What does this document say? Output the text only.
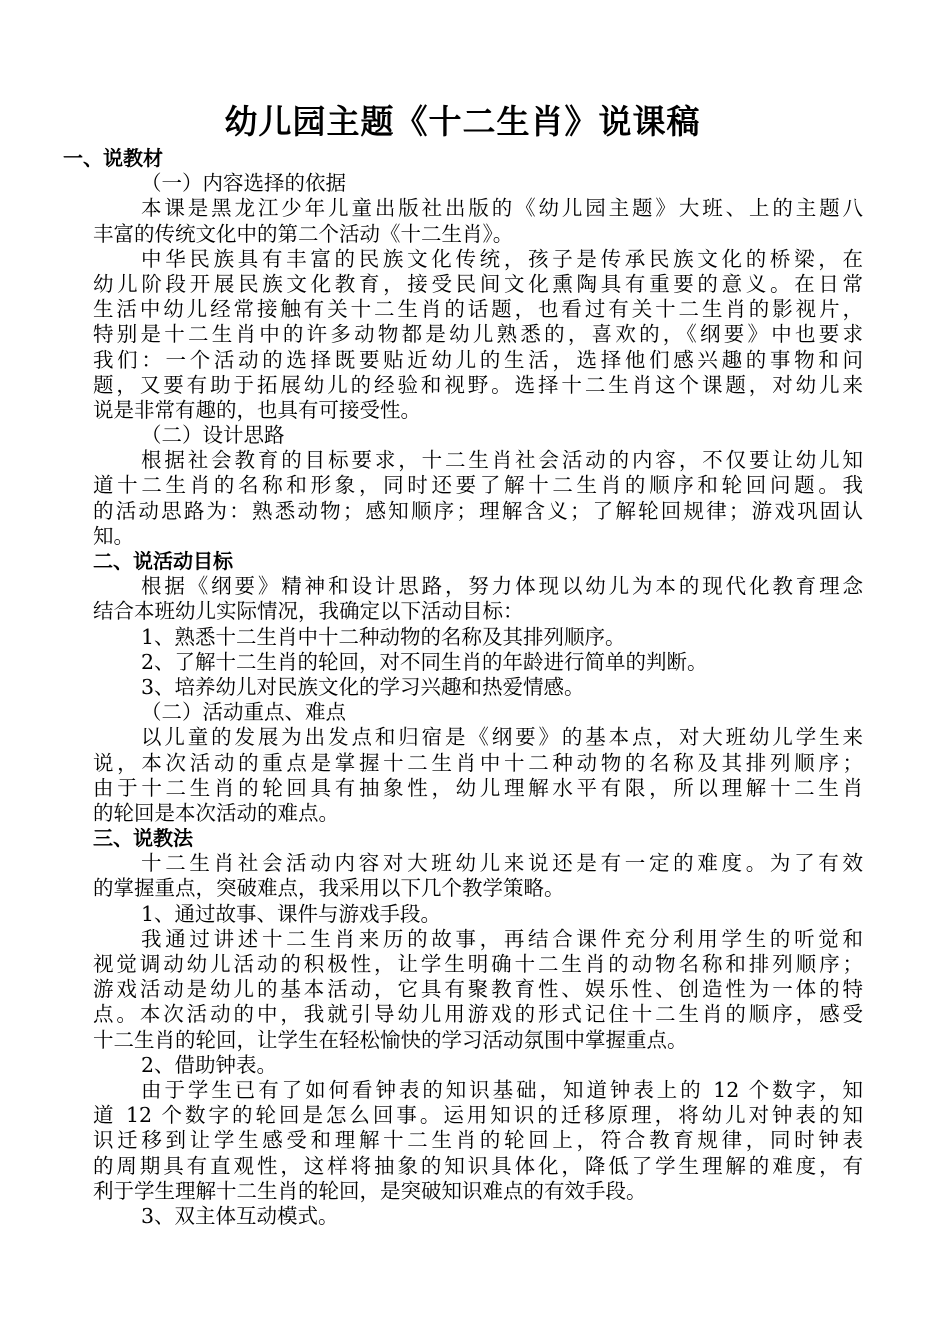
幼儿园主题《十二生肖》说课稿
一、说教材
（一）内容选择的依据
本课是黑龙江少年儿童出版社出版的《幼儿园主题》大班、上的主题八
丰富的传统文化中的第二个活动《十二生肖》。
中华民族具有丰富的民族文化传统，孩子是传承民族文化的桥梁，在
幼儿阶段开展民族文化教育，接受民间文化熏陶具有重要的意义。在日常
生活中幼儿经常接触有关十二生肖的话题，也看过有关十二生肖的影视片，
特别是十二生肖中的许多动物都是幼儿熟悉的，喜欢的，《纲要》中也要求
我们：一个活动的选择既要贴近幼儿的生活，选择他们感兴趣的事物和问
题，又要有助于拓展幼儿的经验和视野。选择十二生肖这个课题，对幼儿来
说是非常有趣的，也具有可接受性。
（二）设计思路
根据社会教育的目标要求，十二生肖社会活动的内容，不仅要让幼儿知
道十二生肖的名称和形象，同时还要了解十二生肖的顺序和轮回问题。我
的活动思路为：熟悉动物；感知顺序；理解含义；了解轮回规律；游戏巩固认
知。
二、说活动目标
根据《纲要》精神和设计思路，努力体现以幼儿为本的现代化教育理念
结合本班幼儿实际情况，我确定以下活动目标：
1、熟悉十二生肖中十二种动物的名称及其排列顺序。
2、了解十二生肖的轮回，对不同生肖的年龄进行简单的判断。
3、培养幼儿对民族文化的学习兴趣和热爱情感。
（二）活动重点、难点
以儿童的发展为出发点和归宿是《纲要》的基本点，对大班幼儿学生来
说，本次活动的重点是掌握十二生肖中十二种动物的名称及其排列顺序；
由于十二生肖的轮回具有抽象性，幼儿理解水平有限，所以理解十二生肖
的轮回是本次活动的难点。
三、说教法
十二生肖社会活动内容对大班幼儿来说还是有一定的难度。为了有效
的掌握重点，突破难点，我采用以下几个教学策略。
1、通过故事、课件与游戏手段。
我通过讲述十二生肖来历的故事，再结合课件充分利用学生的听觉和
视觉调动幼儿活动的积极性，让学生明确十二生肖的动物名称和排列顺序；
游戏活动是幼儿的基本活动，它具有聚教育性、娱乐性、创造性为一体的特
点。本次活动的中，我就引导幼儿用游戏的形式记住十二生肖的顺序，感受
十二生肖的轮回，让学生在轻松愉快的学习活动氛围中掌握重点。
2、借助钟表。
由于学生已有了如何看钟表的知识基础，知道钟表上的 12 个数字，知
道 12 个数字的轮回是怎么回事。运用知识的迁移原理，将幼儿对钟表的知
识迁移到让学生感受和理解十二生肖的轮回上，符合教育规律，同时钟表
的周期具有直观性，这样将抽象的知识具体化，降低了学生理解的难度，有
利于学生理解十二生肖的轮回，是突破知识难点的有效手段。
3、双主体互动模式。
